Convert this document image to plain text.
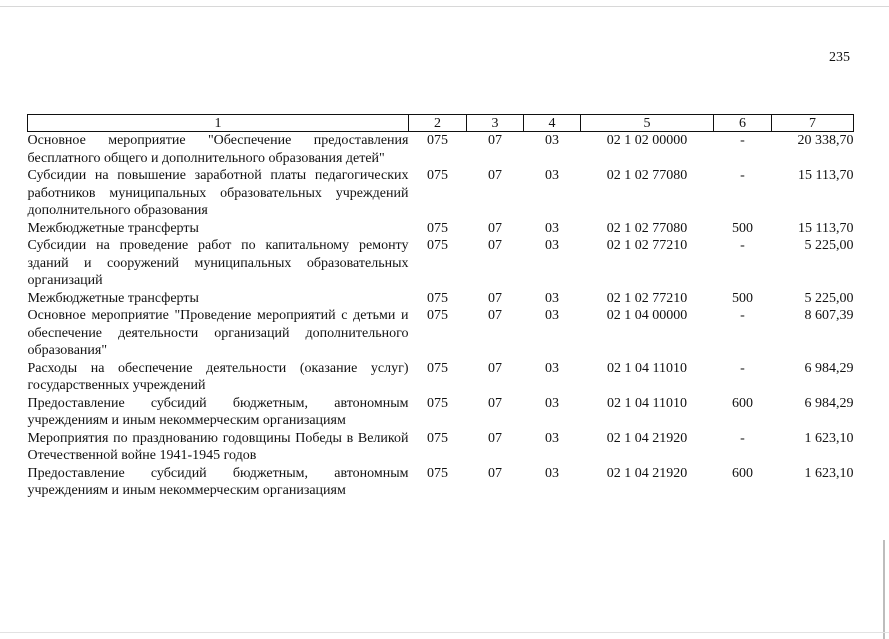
235
1	2	3	4	5	6	7
Основное мероприятие "Обеспечение предоставления бесплатного общего и дополнительного образования детей"	075	07	03	02 1 02 00000	-	20 338,70
Субсидии на повышение заработной платы педагогических работников муниципальных образовательных учреждений дополнительного образования	075	07	03	02 1 02 77080	-	15 113,70
Межбюджетные трансферты	075	07	03	02 1 02 77080	500	15 113,70
Субсидии на проведение работ по капитальному ремонту зданий и сооружений муниципальных образовательных организаций	075	07	03	02 1 02 77210	-	5 225,00
Межбюджетные трансферты	075	07	03	02 1 02 77210	500	5 225,00
Основное мероприятие "Проведение мероприятий с детьми и обеспечение деятельности организаций дополнительного образования"	075	07	03	02 1 04 00000	-	8 607,39
Расходы на обеспечение деятельности (оказание услуг) государственных учреждений	075	07	03	02 1 04 11010	-	6 984,29
Предоставление субсидий бюджетным, автономным учреждениям и иным некоммерческим организациям	075	07	03	02 1 04 11010	600	6 984,29
Мероприятия по празднованию годовщины Победы в Великой Отечественной войне 1941-1945 годов	075	07	03	02 1 04 21920	-	1 623,10
Предоставление субсидий бюджетным, автономным учреждениям и иным некоммерческим организациям	075	07	03	02 1 04 21920	600	1 623,10
